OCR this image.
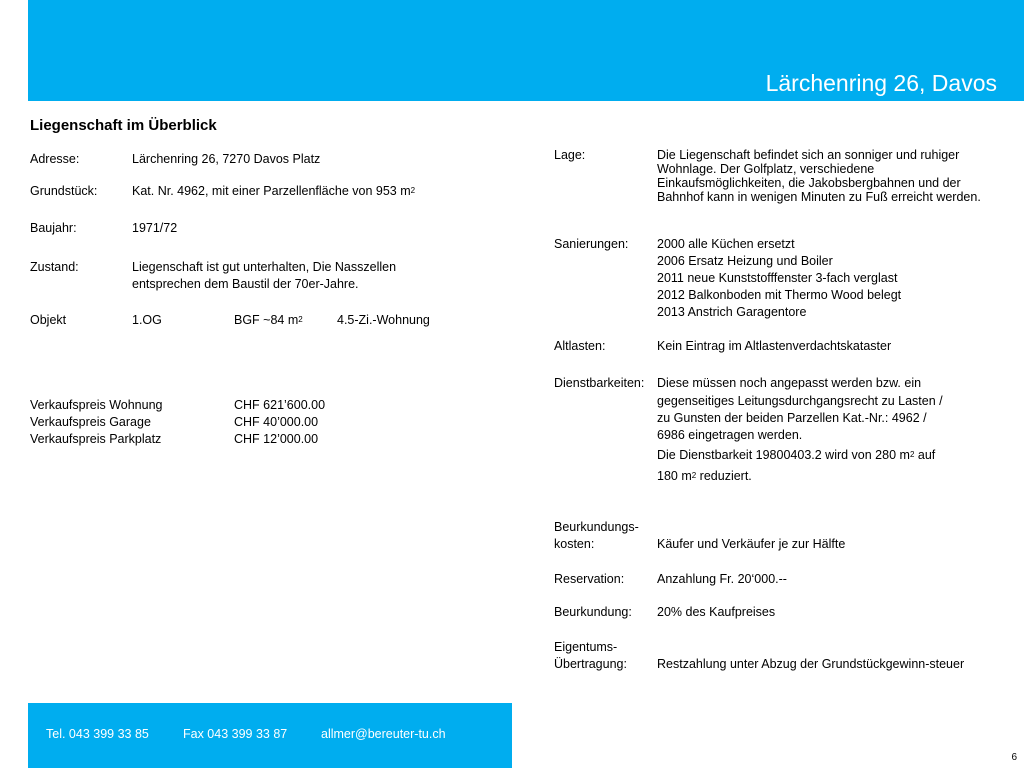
Lärchenring 26, Davos
Liegenschaft im Überblick
Adresse:	Lärchenring 26, 7270 Davos Platz
Grundstück:	Kat. Nr. 4962, mit einer Parzellenfläche von 953 $m^2$
Baujahr:	1971/72
Zustand:	Liegenschaft ist gut unterhalten, Die Nasszellen
entsprechen dem Baustil der 70er-Jahre.
Objekt	1.OG	BGF ~84 $m^2$	4.5-Zi.-Wohnung
Verkaufspreis Wohnung	CHF 621’600.00
Verkaufspreis Garage	CHF 40’000.00
Verkaufspreis Parkplatz	CHF 12’000.00
Lage:	Die Liegenschaft befindet sich an sonniger und ruhiger Wohnlage. Der Golfplatz, verschiedene Einkaufsmöglichkeiten, die Jakobsbergbahnen und der Bahnhof kann in wenigen Minuten zu Fuß erreicht werden.
Sanierungen: 2000 alle Küchen ersetzt
2006 Ersatz Heizung und Boiler
2011 neue Kunststofffenster 3-fach verglast
2012 Balkonboden mit Thermo Wood belegt
2013 Anstrich Garagentore
Altlasten:	Kein Eintrag im Altlastenverdachtskataster
Dienstbarkeiten: Diese müssen noch angepasst werden bzw. ein
gegenseitiges Leitungsdurchgangsrecht zu Lasten /
zu Gunsten der beiden Parzellen Kat.-Nr.: 4962 /
6986 eingetragen werden.
Die Dienstbarkeit 19800403.2 wird von 280 $m^2$ auf
180 $m^2$ reduziert.
Beurkundungs-
kosten:	Käufer und Verkäufer je zur Hälfte
Reservation:	Anzahlung Fr. 20‘000.--
Beurkundung: 20% des Kaufpreises
Eigentums-
Übertragung: Restzahlung unter Abzug der Grundstückgewinn-steuer
Tel. 043 399 33 85	Fax 043 399 33 87	allmer@bereuter-tu.ch
6
